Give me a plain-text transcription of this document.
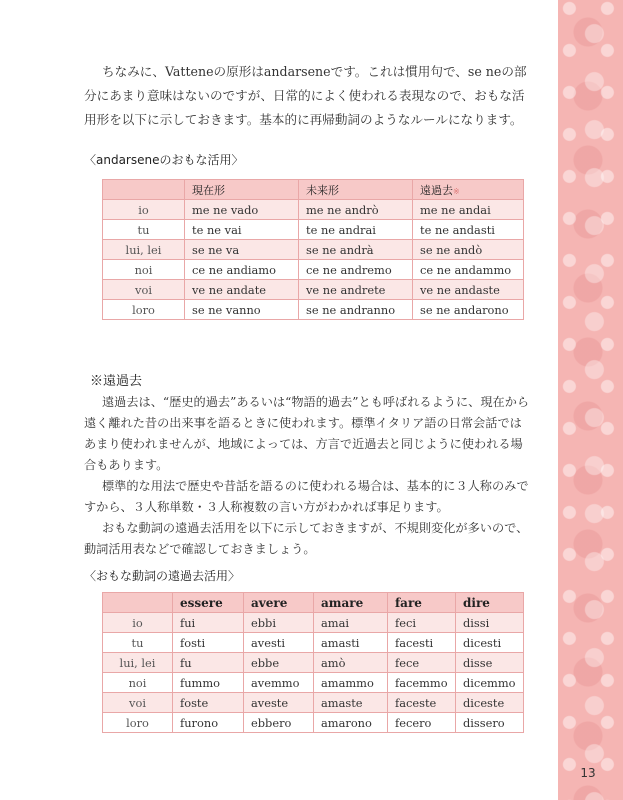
ちなみに、Vatteneの原形はandarseneです。これは慣用句で、se neの部分にあまり意味はないのですが、日常的によく使われる表現なので、おもな活用形を以下に示しておきます。基本的に再帰動詞のようなルールになります。

〈andarseneのおもな活用〉
	現在形	未来形	遠過去※
io	me ne vado	me ne andrò	me ne andai
tu	te ne vai	te ne andrai	te ne andasti
lui, lei	se ne va	se ne andrà	se ne andò
noi	ce ne andiamo	ce ne andremo	ce ne andammo
voi	ve ne andate	ve ne andrete	ve ne andaste
loro	se ne vanno	se ne andranno	se ne andarono
※遠過去

遠過去は、“歴史的過去”あるいは“物語的過去”とも呼ばれるように、現在から遠く離れた昔の出来事を語るときに使われます。標準イタリア語の日常会話ではあまり使われませんが、地域によっては、方言で近過去と同じように使われる場合もあります。

標準的な用法で歴史や昔話を語るのに使われる場合は、基本的に３人称のみですから、３人称単数・３人称複数の言い方がわかれば事足ります。

おもな動詞の遠過去活用を以下に示しておきますが、不規則変化が多いので、動詞活用表などで確認しておきましょう。

〈おもな動詞の遠過去活用〉
	essere	avere	amare	fare	dire
io	fui	ebbi	amai	feci	dissi
tu	fosti	avesti	amasti	facesti	dicesti
lui, lei	fu	ebbe	amò	fece	disse
noi	fummo	avemmo	amammo	facemmo	dicemmo
voi	foste	aveste	amaste	faceste	diceste
loro	furono	ebbero	amarono	fecero	dissero
13
